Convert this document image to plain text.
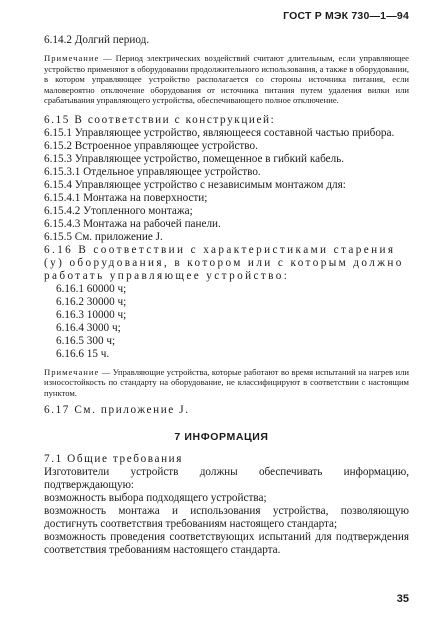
ГОСТ Р МЭК 730—1—94

6.14.2 Долгий период.

Примечание — Период электрических воздействий считают длительным, если управляющее устройство применяют в оборудовании продолжительного использования, а также в оборудовании, в котором управляющее устройство располагается со стороны источника питания, если маловероятно отключение оборудования от источника питания путем удаления вилки или срабатывания управляющего устройства, обеспечивающего полное отключение.

6.15 В соответствии с конструкцией:

6.15.1 Управляющее устройство, являющееся составной частью прибора.

6.15.2 Встроенное управляющее устройство.

6.15.3 Управляющее устройство, помещенное в гибкий кабель.

6.15.3.1 Отдельное управляющее устройство.

6.15.4 Управляющее устройство с независимым монтажом для:

6.15.4.1 Монтажа на поверхности;

6.15.4.2 Утопленного монтажа;

6.15.4.3 Монтажа на рабочей панели.

6.15.5 См. приложение J.

6.16 В соответствии с характеристиками старения (у) оборудования, в котором или с которым должно работать управляющее устройство:

6.16.1 60000 ч;

6.16.2 30000 ч;

6.16.3 10000 ч;

6.16.4 3000 ч;

6.16.5 300 ч;

6.16.6 15 ч.

Примечание — Управляющие устройства, которые работают во время испытаний на нагрев или износостойкость по стандарту на оборудование, не классифицируют в соответствии с настоящим пунктом.

6.17 См. приложение J.

7 ИНФОРМАЦИЯ

7.1 Общие требования

Изготовители устройств должны обеспечивать информацию, подтверждающую:

возможность выбора подходящего устройства;

возможность монтажа и использования устройства, позволяющую достигнуть соответствия требованиям настоящего стандарта;

возможность проведения соответствующих испытаний для подтверждения соответствия требованиям настоящего стандарта.

35
